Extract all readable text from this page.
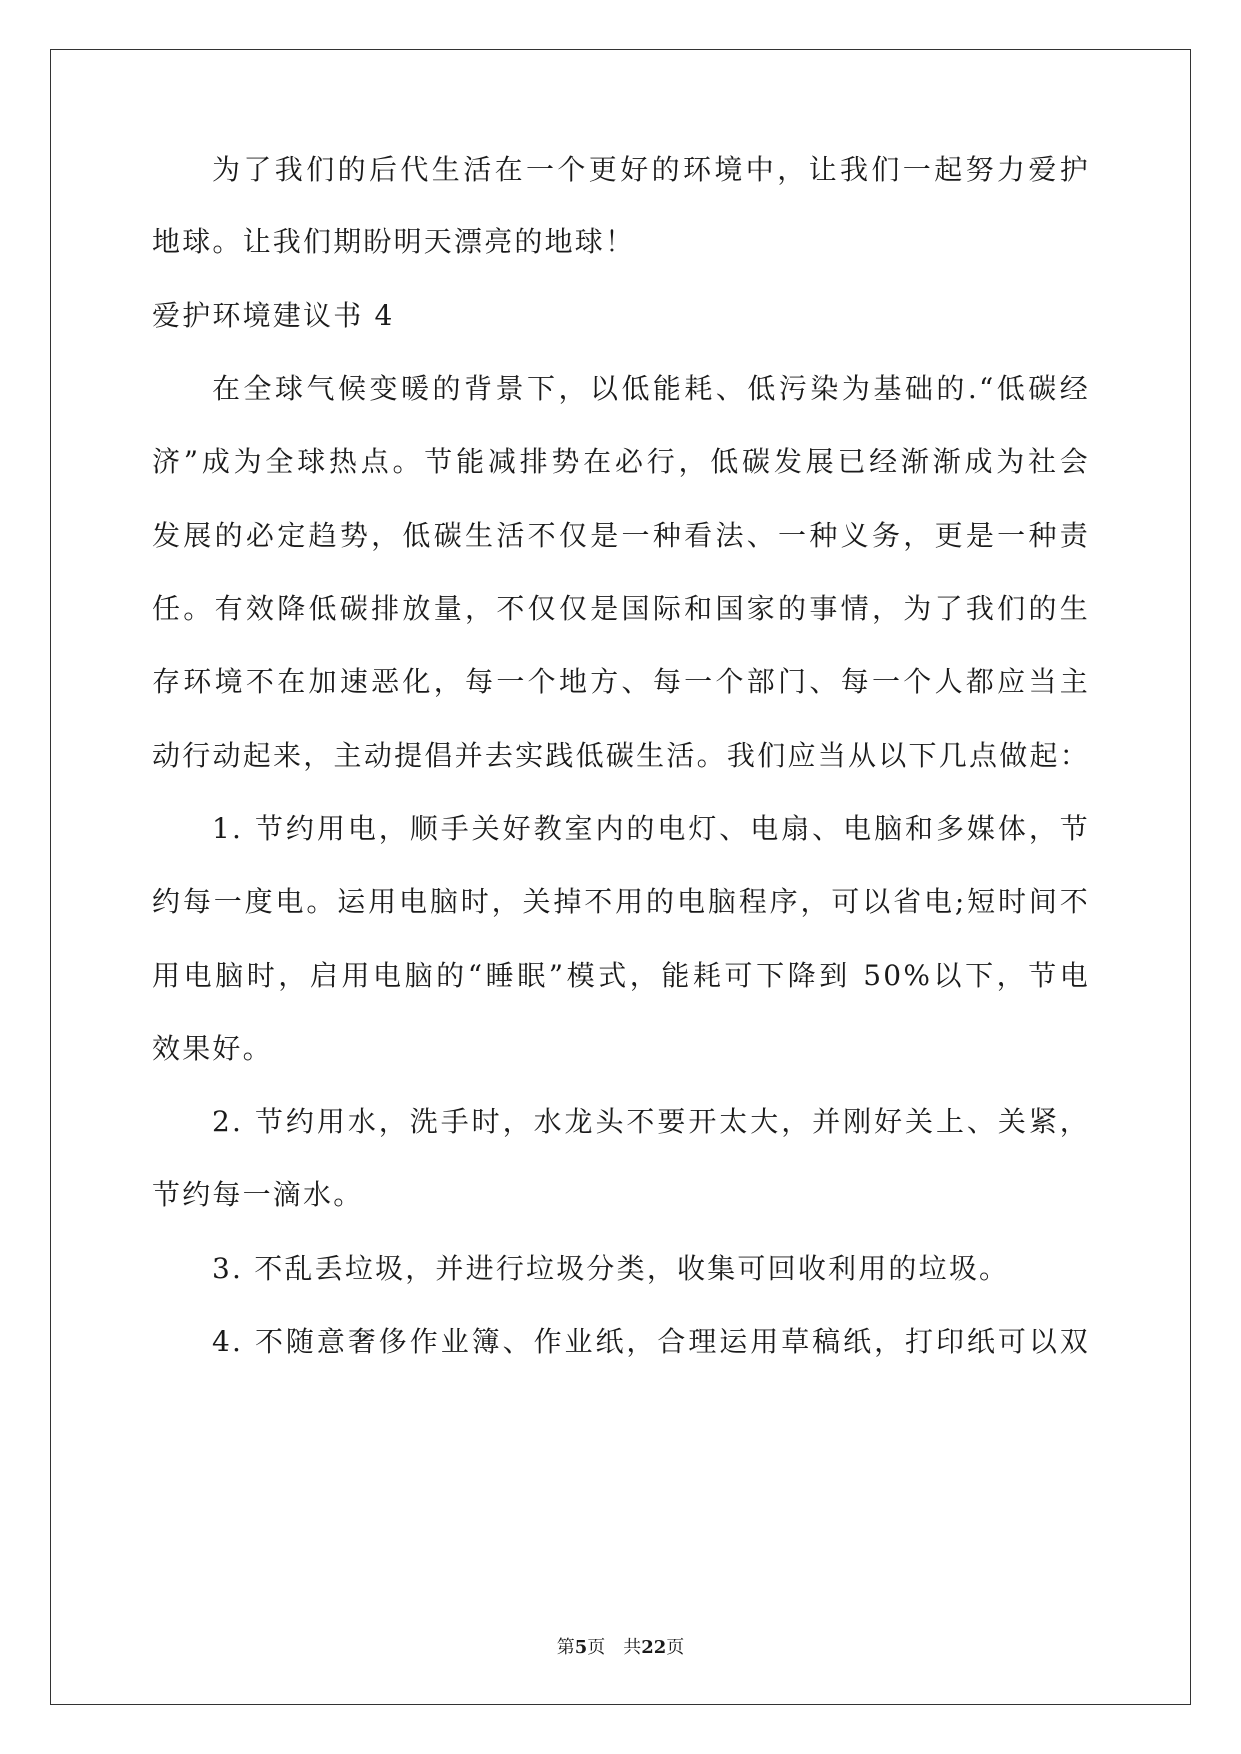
为了我们的后代生活在一个更好的环境中，让我们一起努力爱护
地球。让我们期盼明天漂亮的地球！
爱护环境建议书 4
在全球气候变暖的背景下，以低能耗、低污染为基础的.“低碳经
济”成为全球热点。节能减排势在必行，低碳发展已经渐渐成为社会
发展的必定趋势，低碳生活不仅是一种看法、一种义务，更是一种责
任。有效降低碳排放量，不仅仅是国际和国家的事情，为了我们的生
存环境不在加速恶化，每一个地方、每一个部门、每一个人都应当主
动行动起来，主动提倡并去实践低碳生活。我们应当从以下几点做起：
1. 节约用电，顺手关好教室内的电灯、电扇、电脑和多媒体，节
约每一度电。运用电脑时，关掉不用的电脑程序，可以省电;短时间不
用电脑时，启用电脑的“睡眠”模式，能耗可下降到 50%以下，节电
效果好。
2. 节约用水，洗手时，水龙头不要开太大，并刚好关上、关紧，
节约每一滴水。
3. 不乱丢垃圾，并进行垃圾分类，收集可回收利用的垃圾。
4. 不随意奢侈作业簿、作业纸，合理运用草稿纸，打印纸可以双
第5页　共22页
